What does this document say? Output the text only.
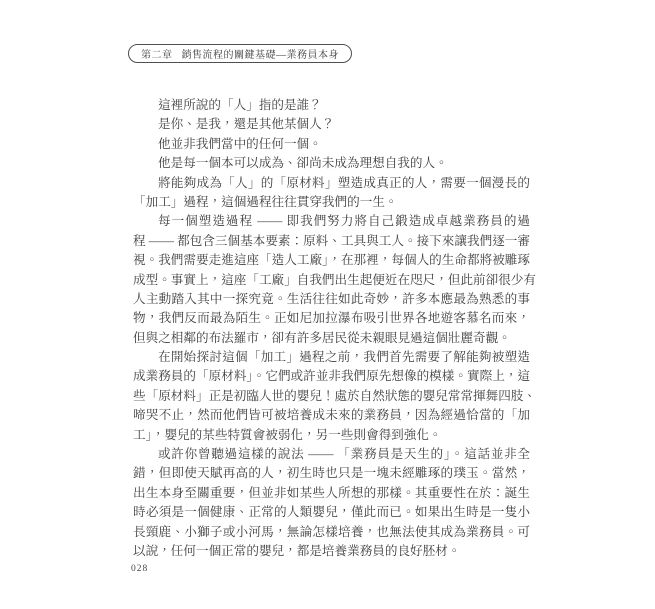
第二章 銷售流程的關鍵基礎—業務員本身
這裡所說的「人」指的是誰？
是你、是我，還是其他某個人？
他並非我們當中的任何一個。
他是每一個本可以成為、卻尚未成為理想自我的人。
將能夠成為「人」的「原材料」塑造成真正的人，需要一個漫長的
「加工」過程，這個過程往往貫穿我們的一生。
每一個塑造過程 —— 即我們努力將自己鍛造成卓越業務員的過
程 —— 都包含三個基本要素：原料、工具與工人。接下來讓我們逐一審
視。我們需要走進這座「造人工廠」，在那裡，每個人的生命都將被雕琢
成型。事實上，這座「工廠」自我們出生起便近在咫尺，但此前卻很少有
人主動踏入其中一探究竟。生活往往如此奇妙，許多本應最為熟悉的事
物，我們反而最為陌生。正如尼加拉瀑布吸引世界各地遊客慕名而來，
但與之相鄰的布法羅市，卻有許多居民從未親眼見過這個壯麗奇觀。
在開始探討這個「加工」過程之前，我們首先需要了解能夠被塑造
成業務員的「原材料」。它們或許並非我們原先想像的模樣。實際上，這
些「原材料」正是初臨人世的嬰兒！處於自然狀態的嬰兒常常揮舞四肢、
啼哭不止，然而他們皆可被培養成未來的業務員，因為經過恰當的「加
工」，嬰兒的某些特質會被弱化，另一些則會得到強化。
或許你曾聽過這樣的說法 —— 「業務員是天生的」。這話並非全
錯，但即使天賦再高的人，初生時也只是一塊未經雕琢的璞玉。當然，
出生本身至關重要，但並非如某些人所想的那樣。其重要性在於：誕生
時必須是一個健康、正常的人類嬰兒，僅此而已。如果出生時是一隻小
長頸鹿、小獅子或小河馬，無論怎樣培養，也無法使其成為業務員。可
以說，任何一個正常的嬰兒，都是培養業務員的良好胚材。
028
